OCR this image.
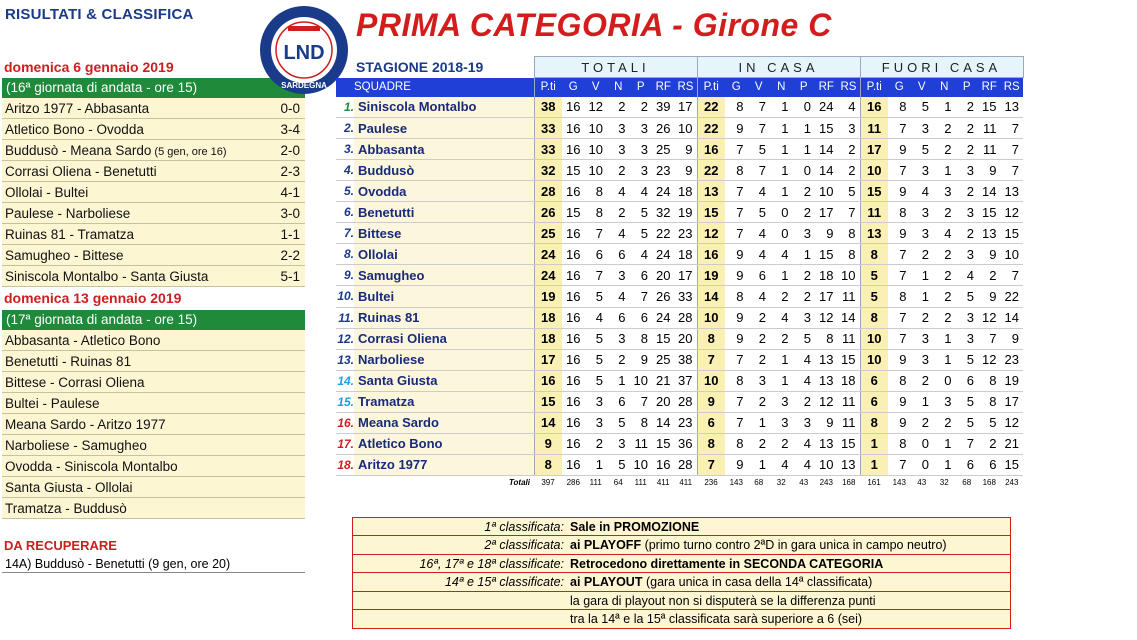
RISULTATI & CLASSIFICA
domenica 6 gennaio 2019
(16ª giornata di andata - ore 15)
Aritzo 1977 - Abbasanta	0-0
Atletico Bono - Ovodda	3-4
Buddusò - Meana Sardo (5 gen, ore 16)	2-0
Corrasi Oliena - Benetutti	2-3
Ollolai - Bultei	4-1
Paulese - Narboliese	3-0
Ruinas 81 - Tramatza	1-1
Samugheo - Bittese	2-2
Siniscola Montalbo - Santa Giusta	5-1
domenica 13 gennaio 2019
(17ª giornata di andata - ore 15)
Abbasanta - Atletico Bono
Benetutti - Ruinas 81
Bittese - Corrasi Oliena
Bultei - Paulese
Meana Sardo - Aritzo 1977
Narboliese - Samugheo
Ovodda - Siniscola Montalbo
Santa Giusta - Ollolai
Tramatza - Buddusò
DA RECUPERARE
14A) Buddusò - Benetutti (9 gen, ore 20)
LND
SARDEGNA
PRIMA CATEGORIA - Girone C
STAGIONE 2018-19		TOTALI							IN CASA							FUORI CASA						
	SQUADRE	P.ti	G	V	N	P	RF	RS	P.ti	G	V	N	P	RF	RS	P.ti	G	V	N	P	RF	RS
1.	Siniscola Montalbo	38	16	12	2	2	39	17	22	8	7	1	0	24	4	16	8	5	1	2	15	13
2.	Paulese	33	16	10	3	3	26	10	22	9	7	1	1	15	3	11	7	3	2	2	11	7
3.	Abbasanta	33	16	10	3	3	25	9	16	7	5	1	1	14	2	17	9	5	2	2	11	7
4.	Buddusò	32	15	10	2	3	23	9	22	8	7	1	0	14	2	10	7	3	1	3	9	7
5.	Ovodda	28	16	8	4	4	24	18	13	7	4	1	2	10	5	15	9	4	3	2	14	13
6.	Benetutti	26	15	8	2	5	32	19	15	7	5	0	2	17	7	11	8	3	2	3	15	12
7.	Bittese	25	16	7	4	5	22	23	12	7	4	0	3	9	8	13	9	3	4	2	13	15
8.	Ollolai	24	16	6	6	4	24	18	16	9	4	4	1	15	8	8	7	2	2	3	9	10
9.	Samugheo	24	16	7	3	6	20	17	19	9	6	1	2	18	10	5	7	1	2	4	2	7
10.	Bultei	19	16	5	4	7	26	33	14	8	4	2	2	17	11	5	8	1	2	5	9	22
11.	Ruinas 81	18	16	4	6	6	24	28	10	9	2	4	3	12	14	8	7	2	2	3	12	14
12.	Corrasi Oliena	18	16	5	3	8	15	20	8	9	2	2	5	8	11	10	7	3	1	3	7	9
13.	Narboliese	17	16	5	2	9	25	38	7	7	2	1	4	13	15	10	9	3	1	5	12	23
14.	Santa Giusta	16	16	5	1	10	21	37	10	8	3	1	4	13	18	6	8	2	0	6	8	19
15.	Tramatza	15	16	3	6	7	20	28	9	7	2	3	2	12	11	6	9	1	3	5	8	17
16.	Meana Sardo	14	16	3	5	8	14	23	6	7	1	3	3	9	11	8	9	2	2	5	5	12
17.	Atletico Bono	9	16	2	3	11	15	36	8	8	2	2	4	13	15	1	8	0	1	7	2	21
18.	Aritzo 1977	8	16	1	5	10	16	28	7	9	1	4	4	10	13	1	7	0	1	6	6	15
	Totali	397	286	111	64	111	411	411	236	143	68	32	43	243	168	161	143	43	32	68	168	243
1ª classificata: Sale in PROMOZIONE
2ª classificata: ai PLAYOFF (primo turno contro 2ªD in gara unica in campo neutro)
16ª, 17ª e 18ª classificate: Retrocedono direttamente in SECONDA CATEGORIA
14ª e 15ª classificate: ai PLAYOUT (gara unica in casa della 14ª classificata)
la gara di playout non si disputerà se la differenza punti
tra la 14ª e la 15ª classificata sarà superiore a 6 (sei)
